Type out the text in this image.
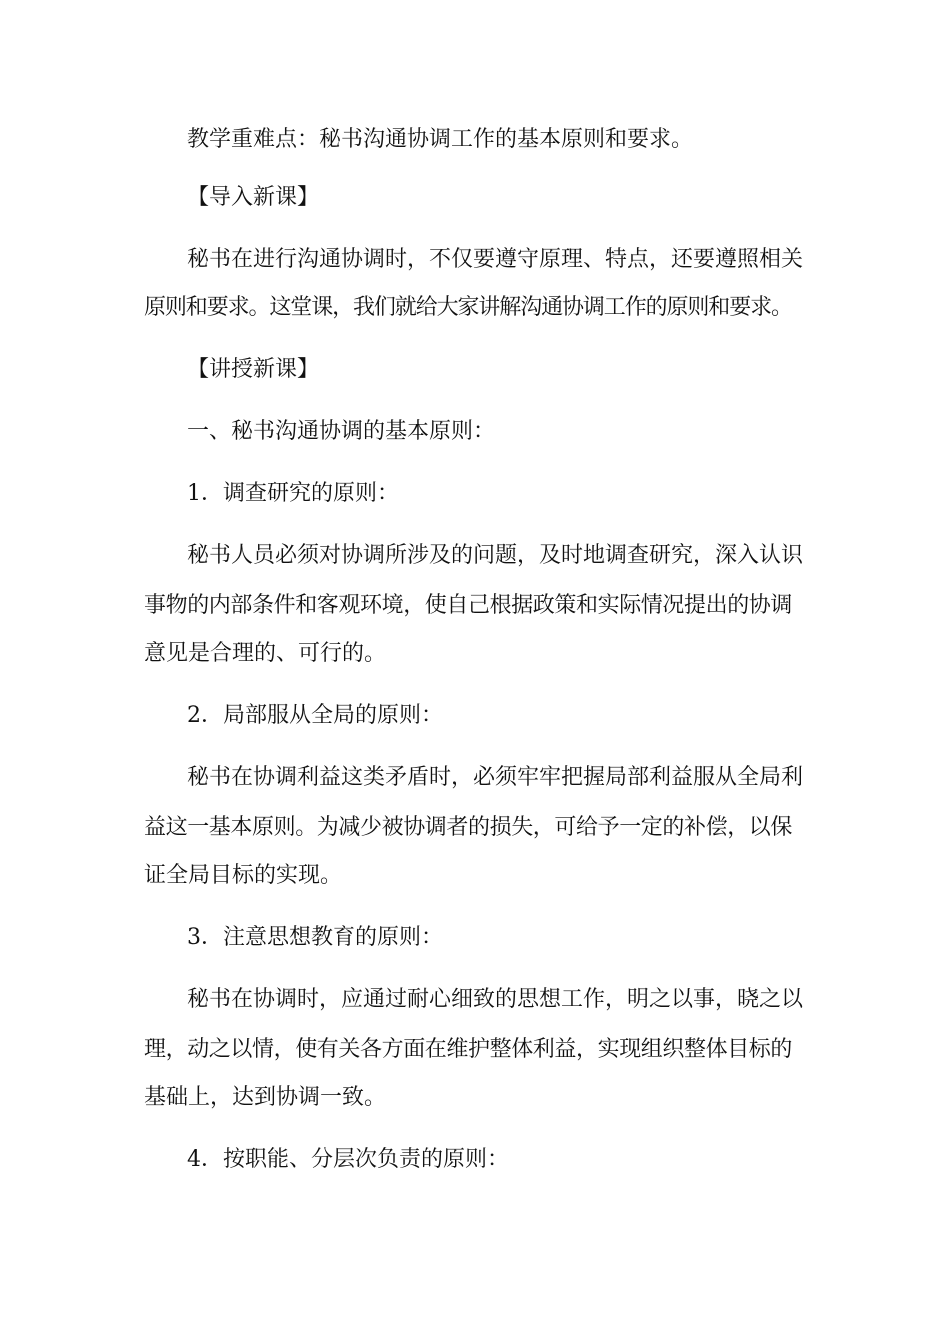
教学重难点：秘书沟通协调工作的基本原则和要求。
【导入新课】
秘书在进行沟通协调时，不仅要遵守原理、特点，还要遵照相关
原则和要求。这堂课，我们就给大家讲解沟通协调工作的原则和要求。
【讲授新课】
一、秘书沟通协调的基本原则：
1．调查研究的原则：
秘书人员必须对协调所涉及的问题，及时地调查研究，深入认识
事物的内部条件和客观环境，使自己根据政策和实际情况提出的协调
意见是合理的、可行的。
2．局部服从全局的原则：
秘书在协调利益这类矛盾时，必须牢牢把握局部利益服从全局利
益这一基本原则。为减少被协调者的损失，可给予一定的补偿，以保
证全局目标的实现。
3．注意思想教育的原则：
秘书在协调时，应通过耐心细致的思想工作，明之以事，晓之以
理，动之以情，使有关各方面在维护整体利益，实现组织整体目标的
基础上，达到协调一致。
4．按职能、分层次负责的原则：
